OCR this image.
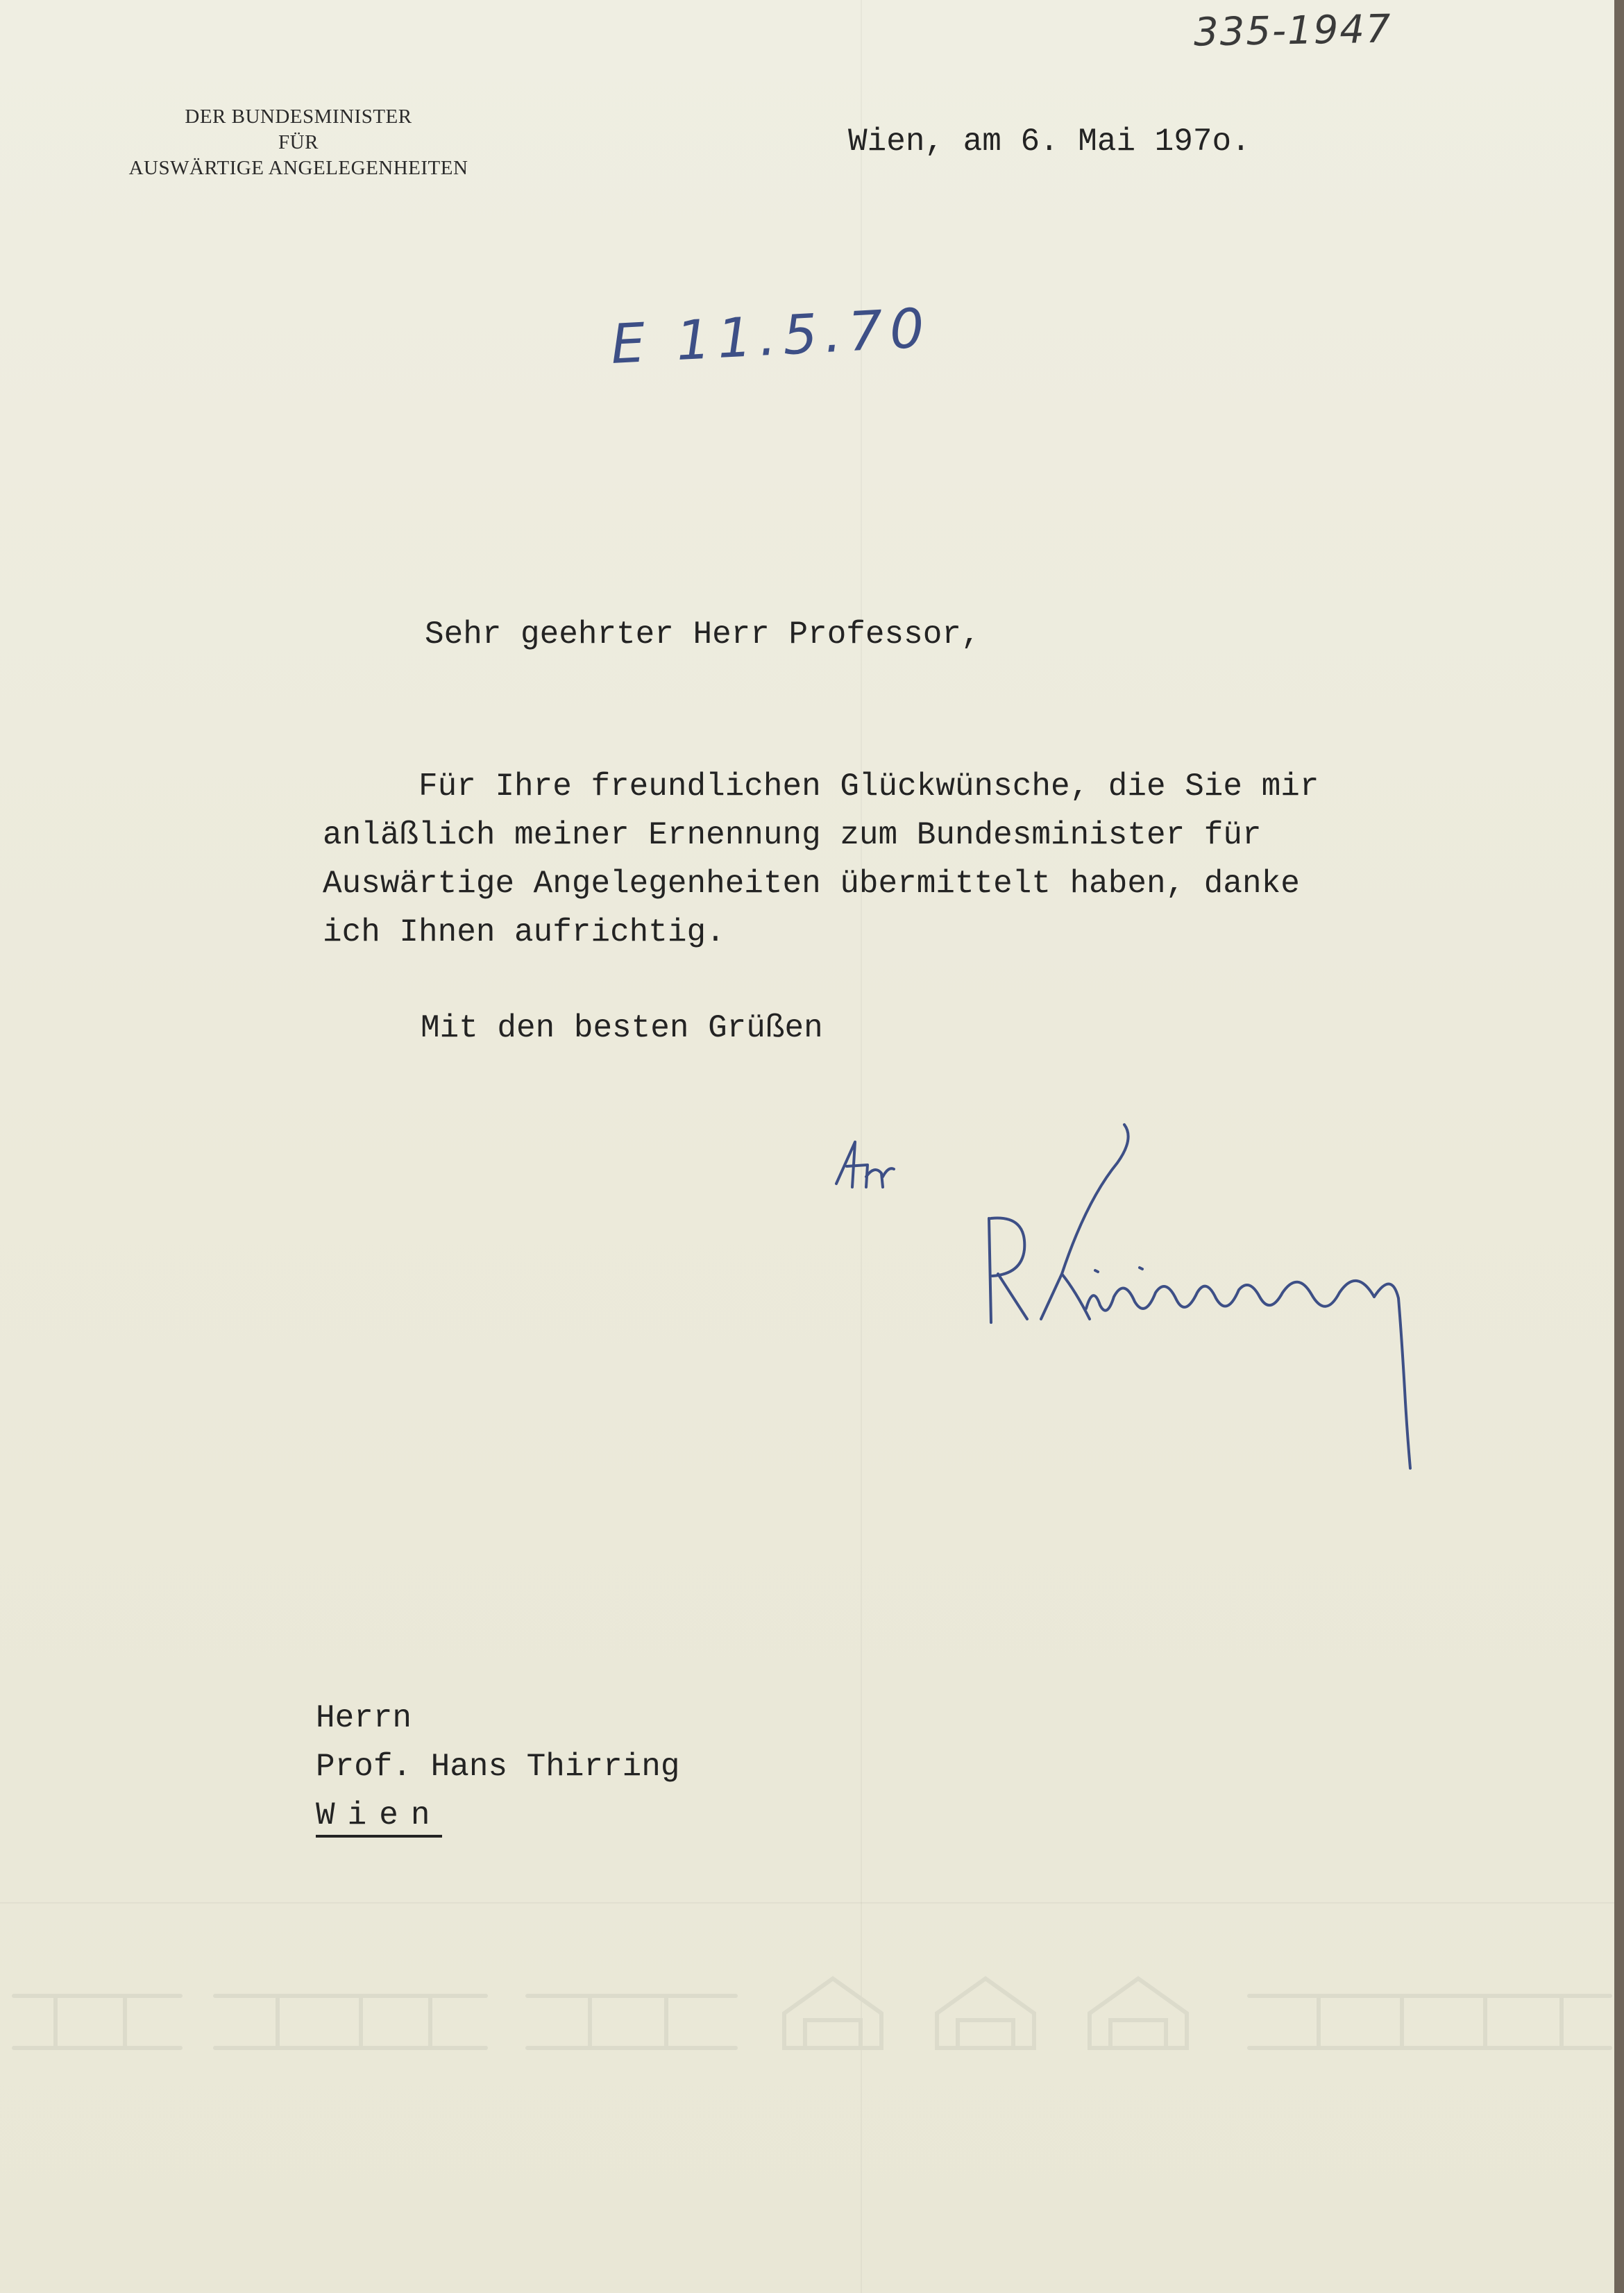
335-1947
DER BUNDESMINISTER
FÜR
AUSWÄRTIGE ANGELEGENHEITEN
Wien, am 6. Mai 197o.
E 11.5.70
Sehr geehrter Herr Professor,
Für Ihre freundlichen Glückwünsche, die Sie mir
anläßlich meiner Ernennung zum Bundesminister für
Auswärtige Angelegenheiten übermittelt haben, danke
ich Ihnen aufrichtig.
Mit den besten Grüßen
Herrn
Prof. Hans Thirring
Wien
